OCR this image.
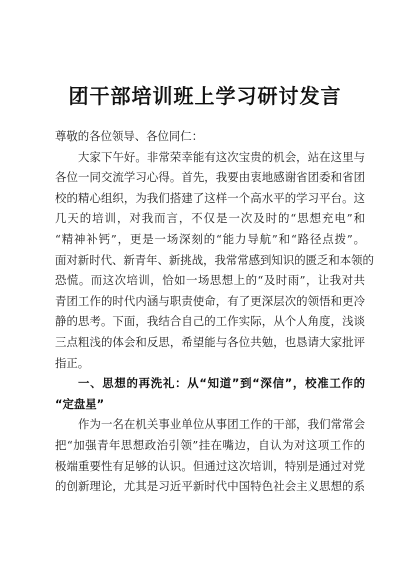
团干部培训班上学习研讨发言
尊敬的各位领导、各位同仁：
大家下午好。非常荣幸能有这次宝贵的机会，站在这里与
各位一同交流学习心得。首先，我要由衷地感谢省团委和省团
校的精心组织，为我们搭建了这样一个高水平的学习平台。这
几天的培训，对我而言，不仅是一次及时的“思想充电”和
“精神补钙”，更是一场深刻的“能力导航”和“路径点拨”。
面对新时代、新青年、新挑战，我常常感到知识的匮乏和本领的
恐慌。而这次培训，恰如一场思想上的“及时雨”，让我对共
青团工作的时代内涵与职责使命，有了更深层次的领悟和更冷
静的思考。下面，我结合自己的工作实际，从个人角度，浅谈
三点粗浅的体会和反思，希望能与各位共勉，也恳请大家批评
指正。
一、思想的再洗礼：从“知道”到“深信”，校准工作的
“定盘星”
作为一名在机关事业单位从事团工作的干部，我们常常会
把“加强青年思想政治引领”挂在嘴边，自认为对这项工作的
极端重要性有足够的认识。但通过这次培训，特别是通过对党
的创新理论，尤其是习近平新时代中国特色社会主义思想的系
